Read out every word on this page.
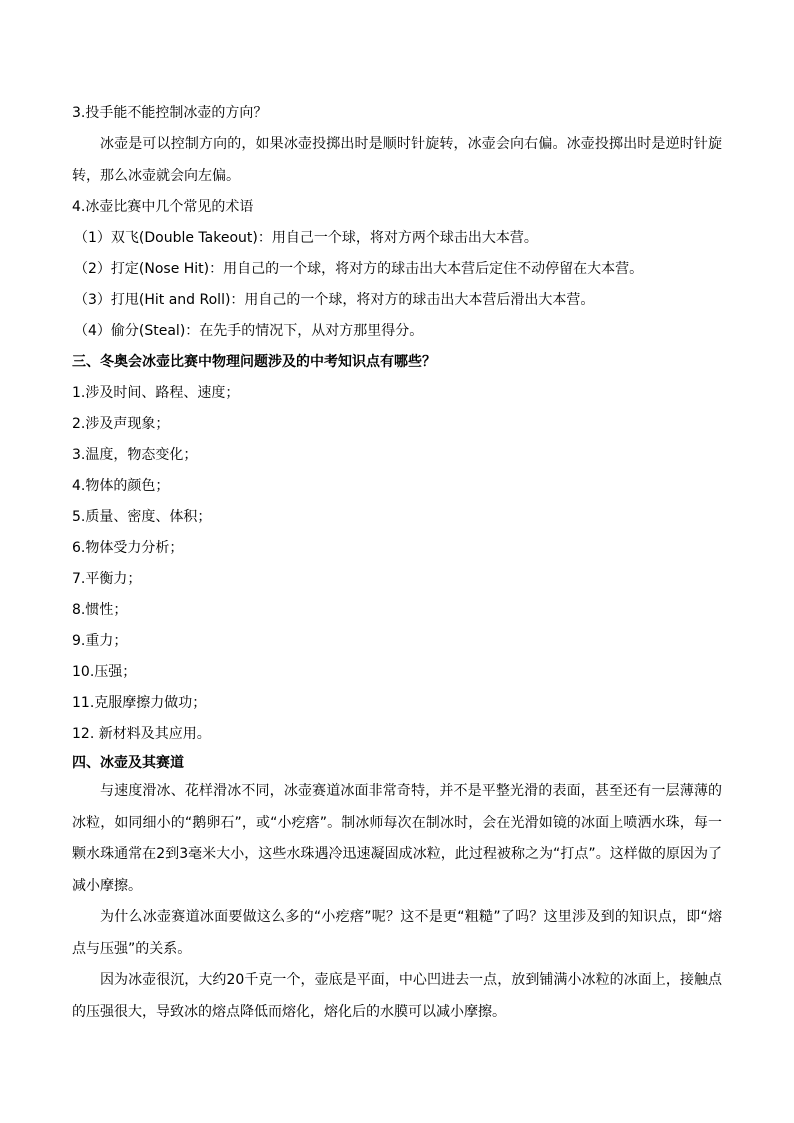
3.投手能不能控制冰壶的方向？

冰壶是可以控制方向的，如果冰壶投掷出时是顺时针旋转，冰壶会向右偏。冰壶投掷出时是逆时针旋转，那么冰壶就会向左偏。

4.冰壶比赛中几个常见的术语

（1）双飞(Double Takeout)：用自己一个球，将对方两个球击出大本营。

（2）打定(Nose Hit)：用自己的一个球，将对方的球击出大本营后定住不动停留在大本营。

（3）打甩(Hit and Roll)：用自己的一个球，将对方的球击出大本营后滑出大本营。

（4）偷分(Steal)：在先手的情况下，从对方那里得分。

三、冬奥会冰壶比赛中物理问题涉及的中考知识点有哪些？

1.涉及时间、路程、速度；

2.涉及声现象；

3.温度，物态变化；

4.物体的颜色；

5.质量、密度、体积；

6.物体受力分析；

7.平衡力；

8.惯性；

9.重力；

10.压强；

11.克服摩擦力做功；

12. 新材料及其应用。

四、冰壶及其赛道

与速度滑冰、花样滑冰不同，冰壶赛道冰面非常奇特，并不是平整光滑的表面，甚至还有一层薄薄的冰粒，如同细小的“鹅卵石”，或“小疙瘩”。制冰师每次在制冰时，会在光滑如镜的冰面上喷洒水珠，每一颗水珠通常在2到3毫米大小，这些水珠遇冷迅速凝固成冰粒，此过程被称之为“打点”。这样做的原因为了减小摩擦。

为什么冰壶赛道冰面要做这么多的“小疙瘩”呢？这不是更“粗糙”了吗？这里涉及到的知识点，即“熔点与压强”的关系。

因为冰壶很沉，大约20千克一个，壶底是平面，中心凹进去一点，放到铺满小冰粒的冰面上，接触点的压强很大，导致冰的熔点降低而熔化，熔化后的水膜可以减小摩擦。
